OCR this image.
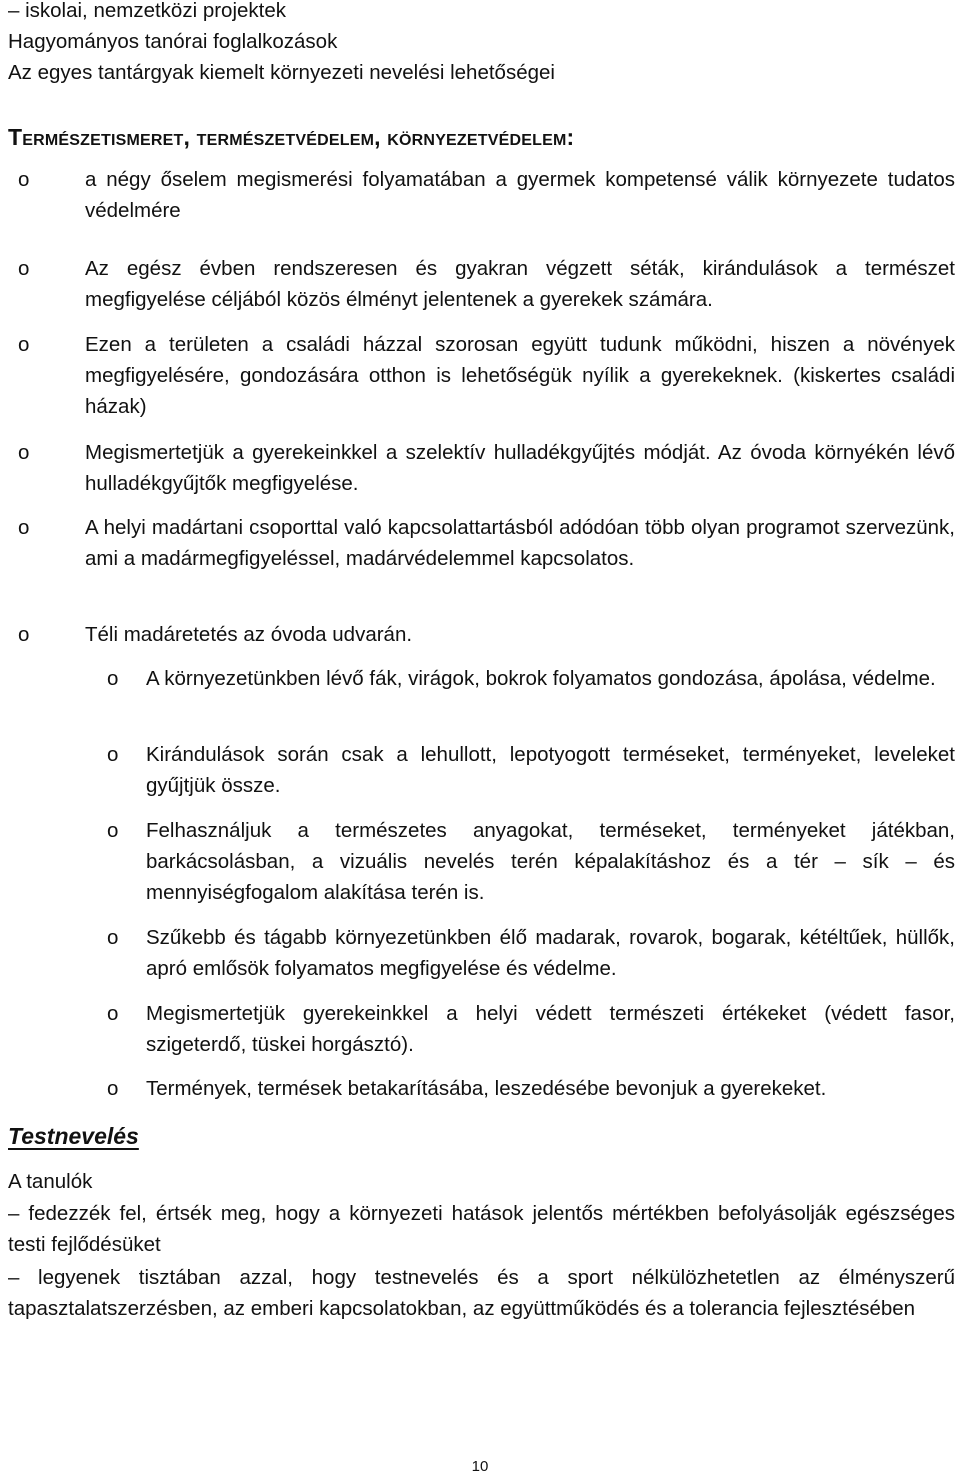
– iskolai, nemzetközi projektek

Hagyományos tanórai foglalkozások

Az egyes tantárgyak kiemelt környezeti nevelési lehetőségei

Természetismeret, természetvédelem, környezetvédelem:
o	a négy őselem megismerési folyamatában a gyermek kompetensé válik környezete tudatos védelmére
o	Az egész évben rendszeresen és gyakran végzett séták, kirándulások a természet megfigyelése céljából közös élményt jelentenek a gyerekek számára.
o	Ezen a területen a családi házzal szorosan együtt tudunk működni, hiszen a növények megfigyelésére, gondozására otthon is lehetőségük nyílik a gyerekeknek. (kiskertes családi házak)
o	Megismertetjük a gyerekeinkkel a szelektív hulladékgyűjtés módját. Az óvoda környékén lévő hulladékgyűjtők megfigyelése.
o	A helyi madártani csoporttal való kapcsolattartásból adódóan több olyan programot szervezünk, ami a madármegfigyeléssel, madárvédelemmel kapcsolatos.
o	Téli madáretetés az óvoda udvarán.
o A környezetünkben lévő fák, virágok, bokrok folyamatos gondozása, ápolása, védelme.
o Kirándulások során csak a lehullott, lepotyogott terméseket, terményeket, leveleket gyűjtjük össze.
o Felhasználjuk a természetes anyagokat, terméseket, terményeket játékban, barkácsolásban, a vizuális nevelés terén képalakításhoz és a tér – sík – és mennyiségfogalom alakítása terén is.
o Szűkebb és tágabb környezetünkben élő madarak, rovarok, bogarak, kétéltűek, hüllők, apró emlősök folyamatos megfigyelése és védelme.
o Megismertetjük gyerekeinkkel a helyi védett természeti értékeket (védett fasor, szigeterdő, tüskei horgásztó).
o Termények, termések betakarításába, leszedésébe bevonjuk a gyerekeket.
Testnevelés

A tanulók

– fedezzék fel, értsék meg, hogy a környezeti hatások jelentős mértékben befolyásolják egészséges testi fejlődésüket

– legyenek tisztában azzal, hogy testnevelés és a sport nélkülözhetetlen az élményszerű tapasztalatszerzésben, az emberi kapcsolatokban, az együttműködés és a tolerancia fejlesztésében

10
